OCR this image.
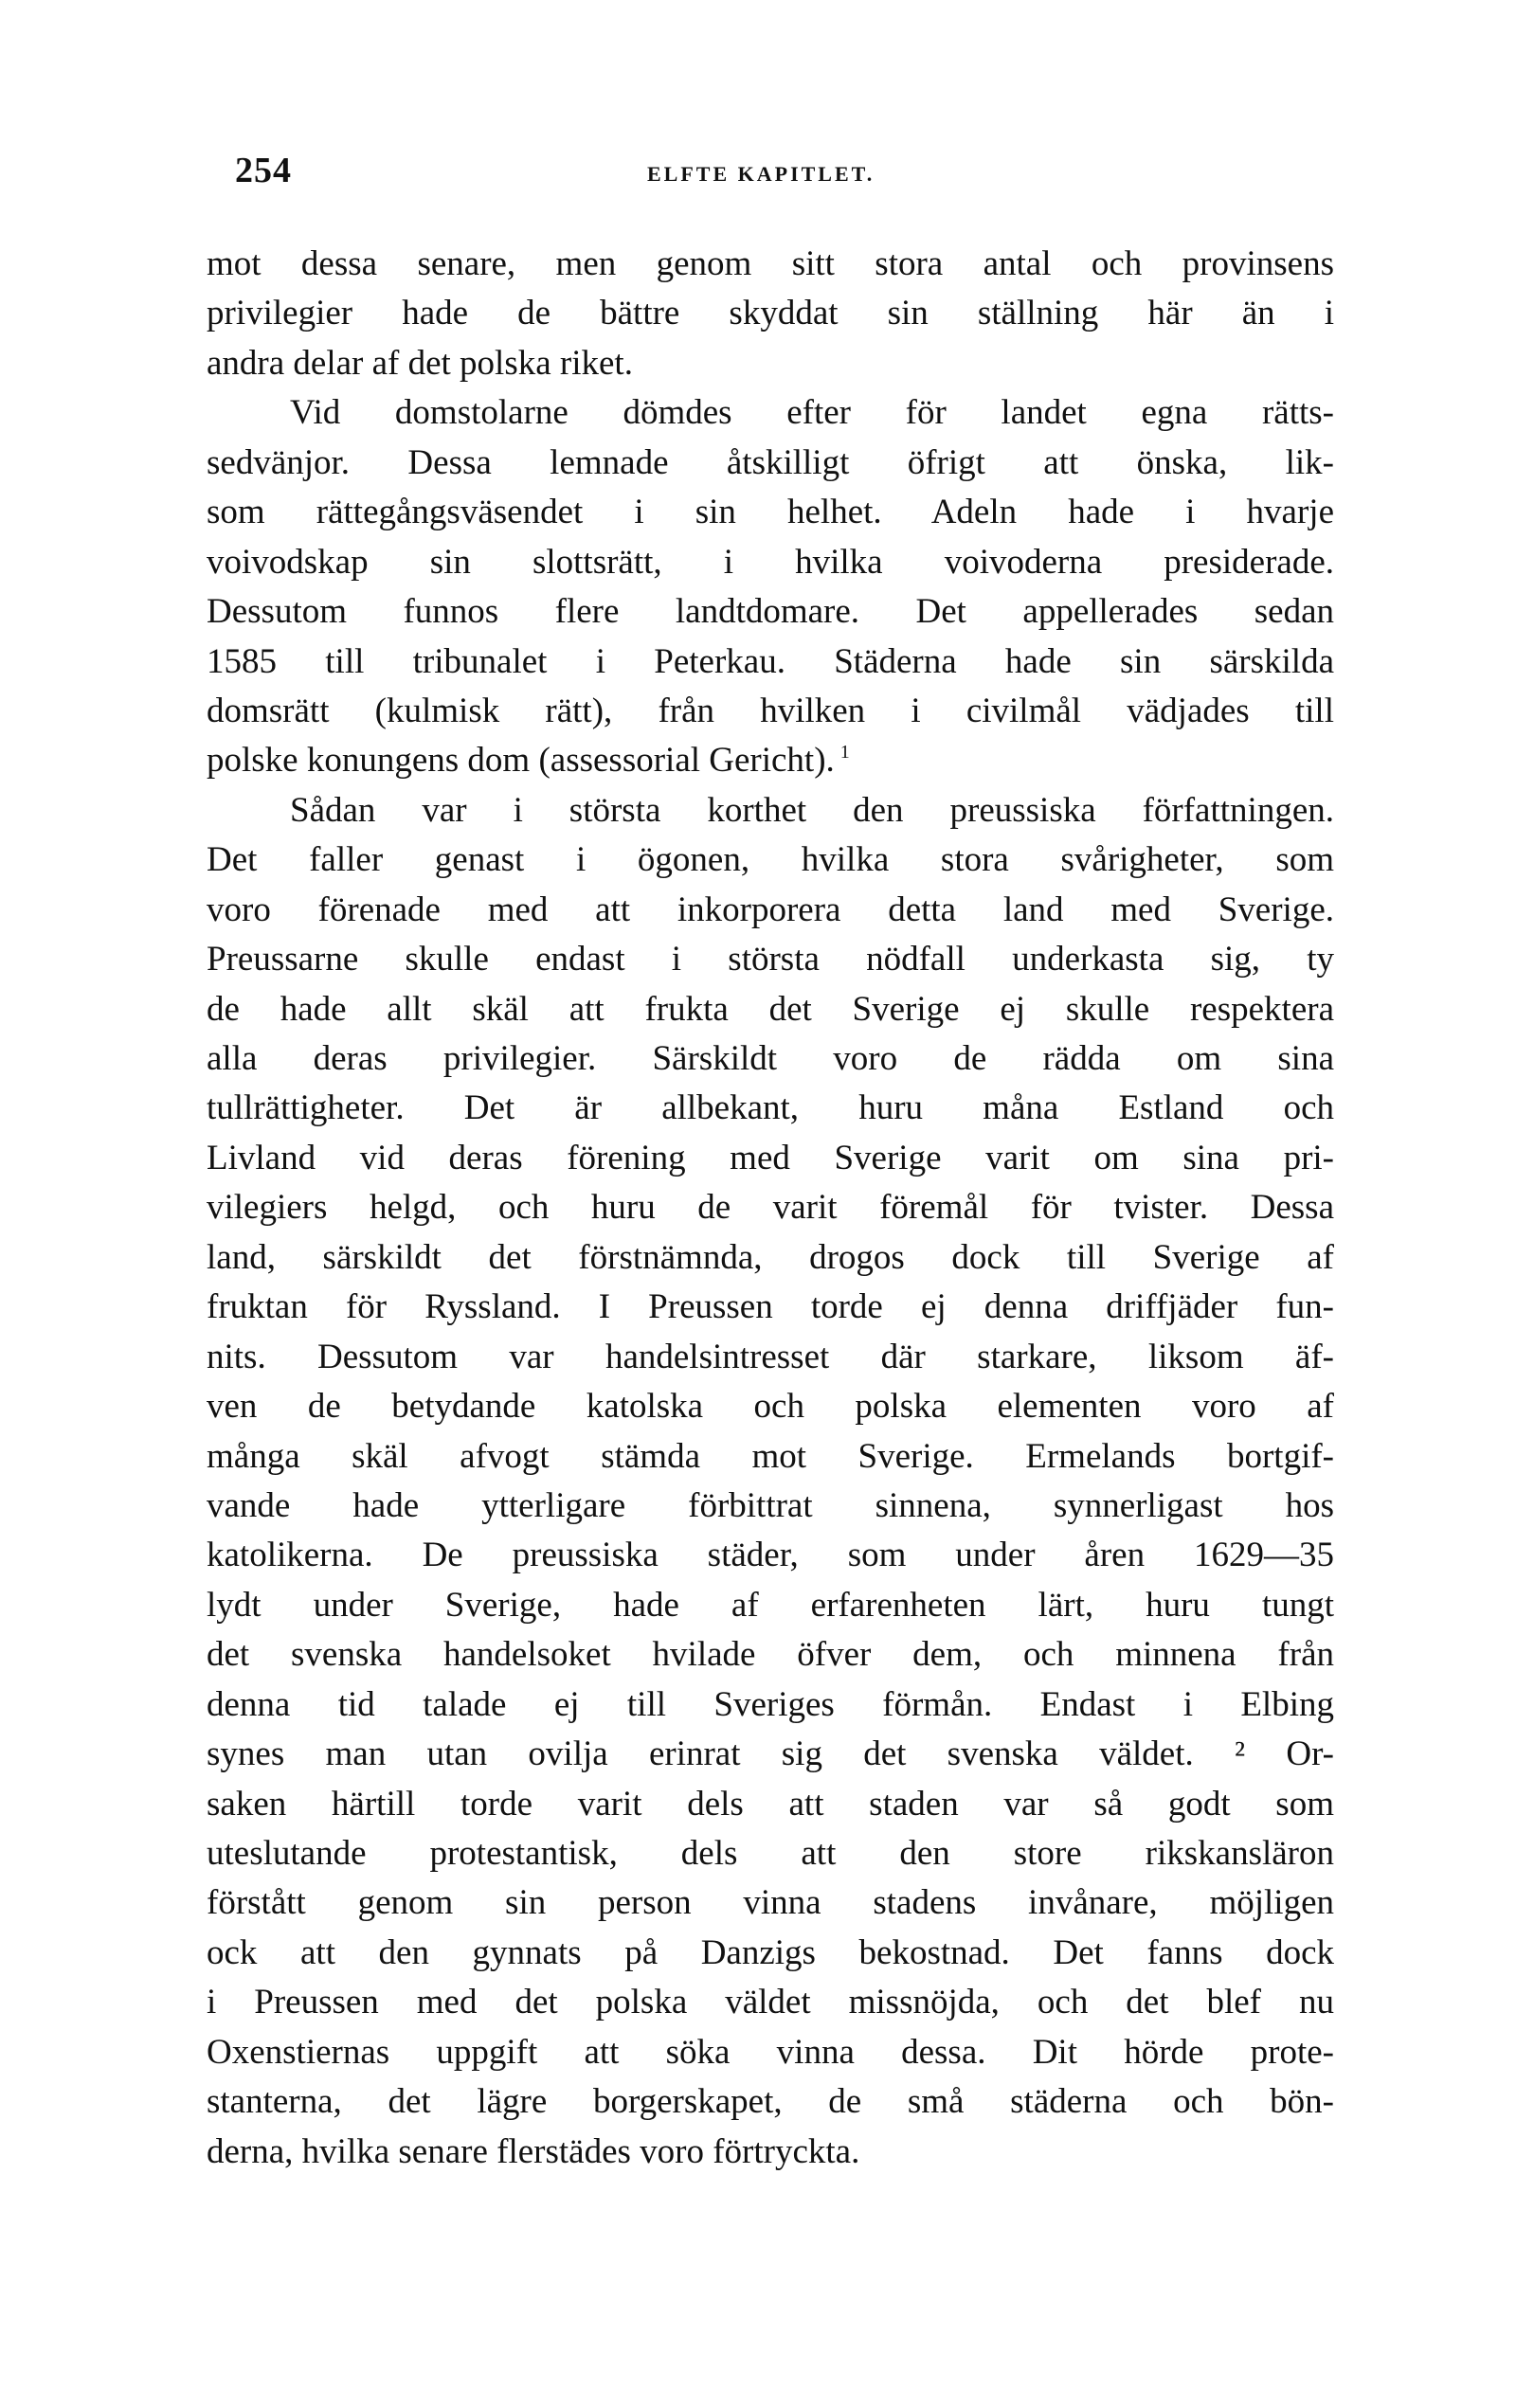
254	ELFTE KAPITLET.
mot dessa senare, men genom sitt stora antal och provinsens
privilegier hade de bättre skyddat sin ställning här än i
andra delar af det polska riket.
Vid domstolarne dömdes efter för landet egna rätts-
sedvänjor. Dessa lemnade åtskilligt öfrigt att önska, lik-
som rättegångsväsendet i sin helhet. Adeln hade i hvarje
voivodskap sin slottsrätt, i hvilka voivoderna presiderade.
Dessutom funnos flere landtdomare. Det appellerades sedan
1585 till tribunalet i Peterkau. Städerna hade sin särskilda
domsrätt (kulmisk rätt), från hvilken i civilmål vädjades till
polske konungens dom (assessorial Gericht). $^1$
Sådan var i största korthet den preussiska författningen.
Det faller genast i ögonen, hvilka stora svårigheter, som
voro förenade med att inkorporera detta land med Sverige.
Preussarne skulle endast i största nödfall underkasta sig, ty
de hade allt skäl att frukta det Sverige ej skulle respektera
alla deras privilegier. Särskildt voro de rädda om sina
tullrättigheter. Det är allbekant, huru måna Estland och
Livland vid deras förening med Sverige varit om sina pri-
vilegiers helgd, och huru de varit föremål för tvister. Dessa
land, särskildt det förstnämnda, drogos dock till Sverige af
fruktan för Ryssland. I Preussen torde ej denna driffjäder fun-
nits. Dessutom var handelsintresset där starkare, liksom äf-
ven de betydande katolska och polska elementen voro af
många skäl afvogt stämda mot Sverige. Ermelands bortgif-
vande hade ytterligare förbittrat sinnena, synnerligast hos
katolikerna. De preussiska städer, som under åren 1629—35
lydt under Sverige, hade af erfarenheten lärt, huru tungt
det svenska handelsoket hvilade öfver dem, och minnena från
denna tid talade ej till Sveriges förmån. Endast i Elbing
synes man utan ovilja erinrat sig det svenska väldet. ² Or-
saken härtill torde varit dels att staden var så godt som
uteslutande protestantisk, dels att den store rikskansläron
förstått genom sin person vinna stadens invånare, möjligen
ock att den gynnats på Danzigs bekostnad. Det fanns dock
i Preussen med det polska väldet missnöjda, och det blef nu
Oxenstiernas uppgift att söka vinna dessa. Dit hörde prote-
stanterna, det lägre borgerskapet, de små städerna och bön-
derna, hvilka senare flerstädes voro förtryckta.
